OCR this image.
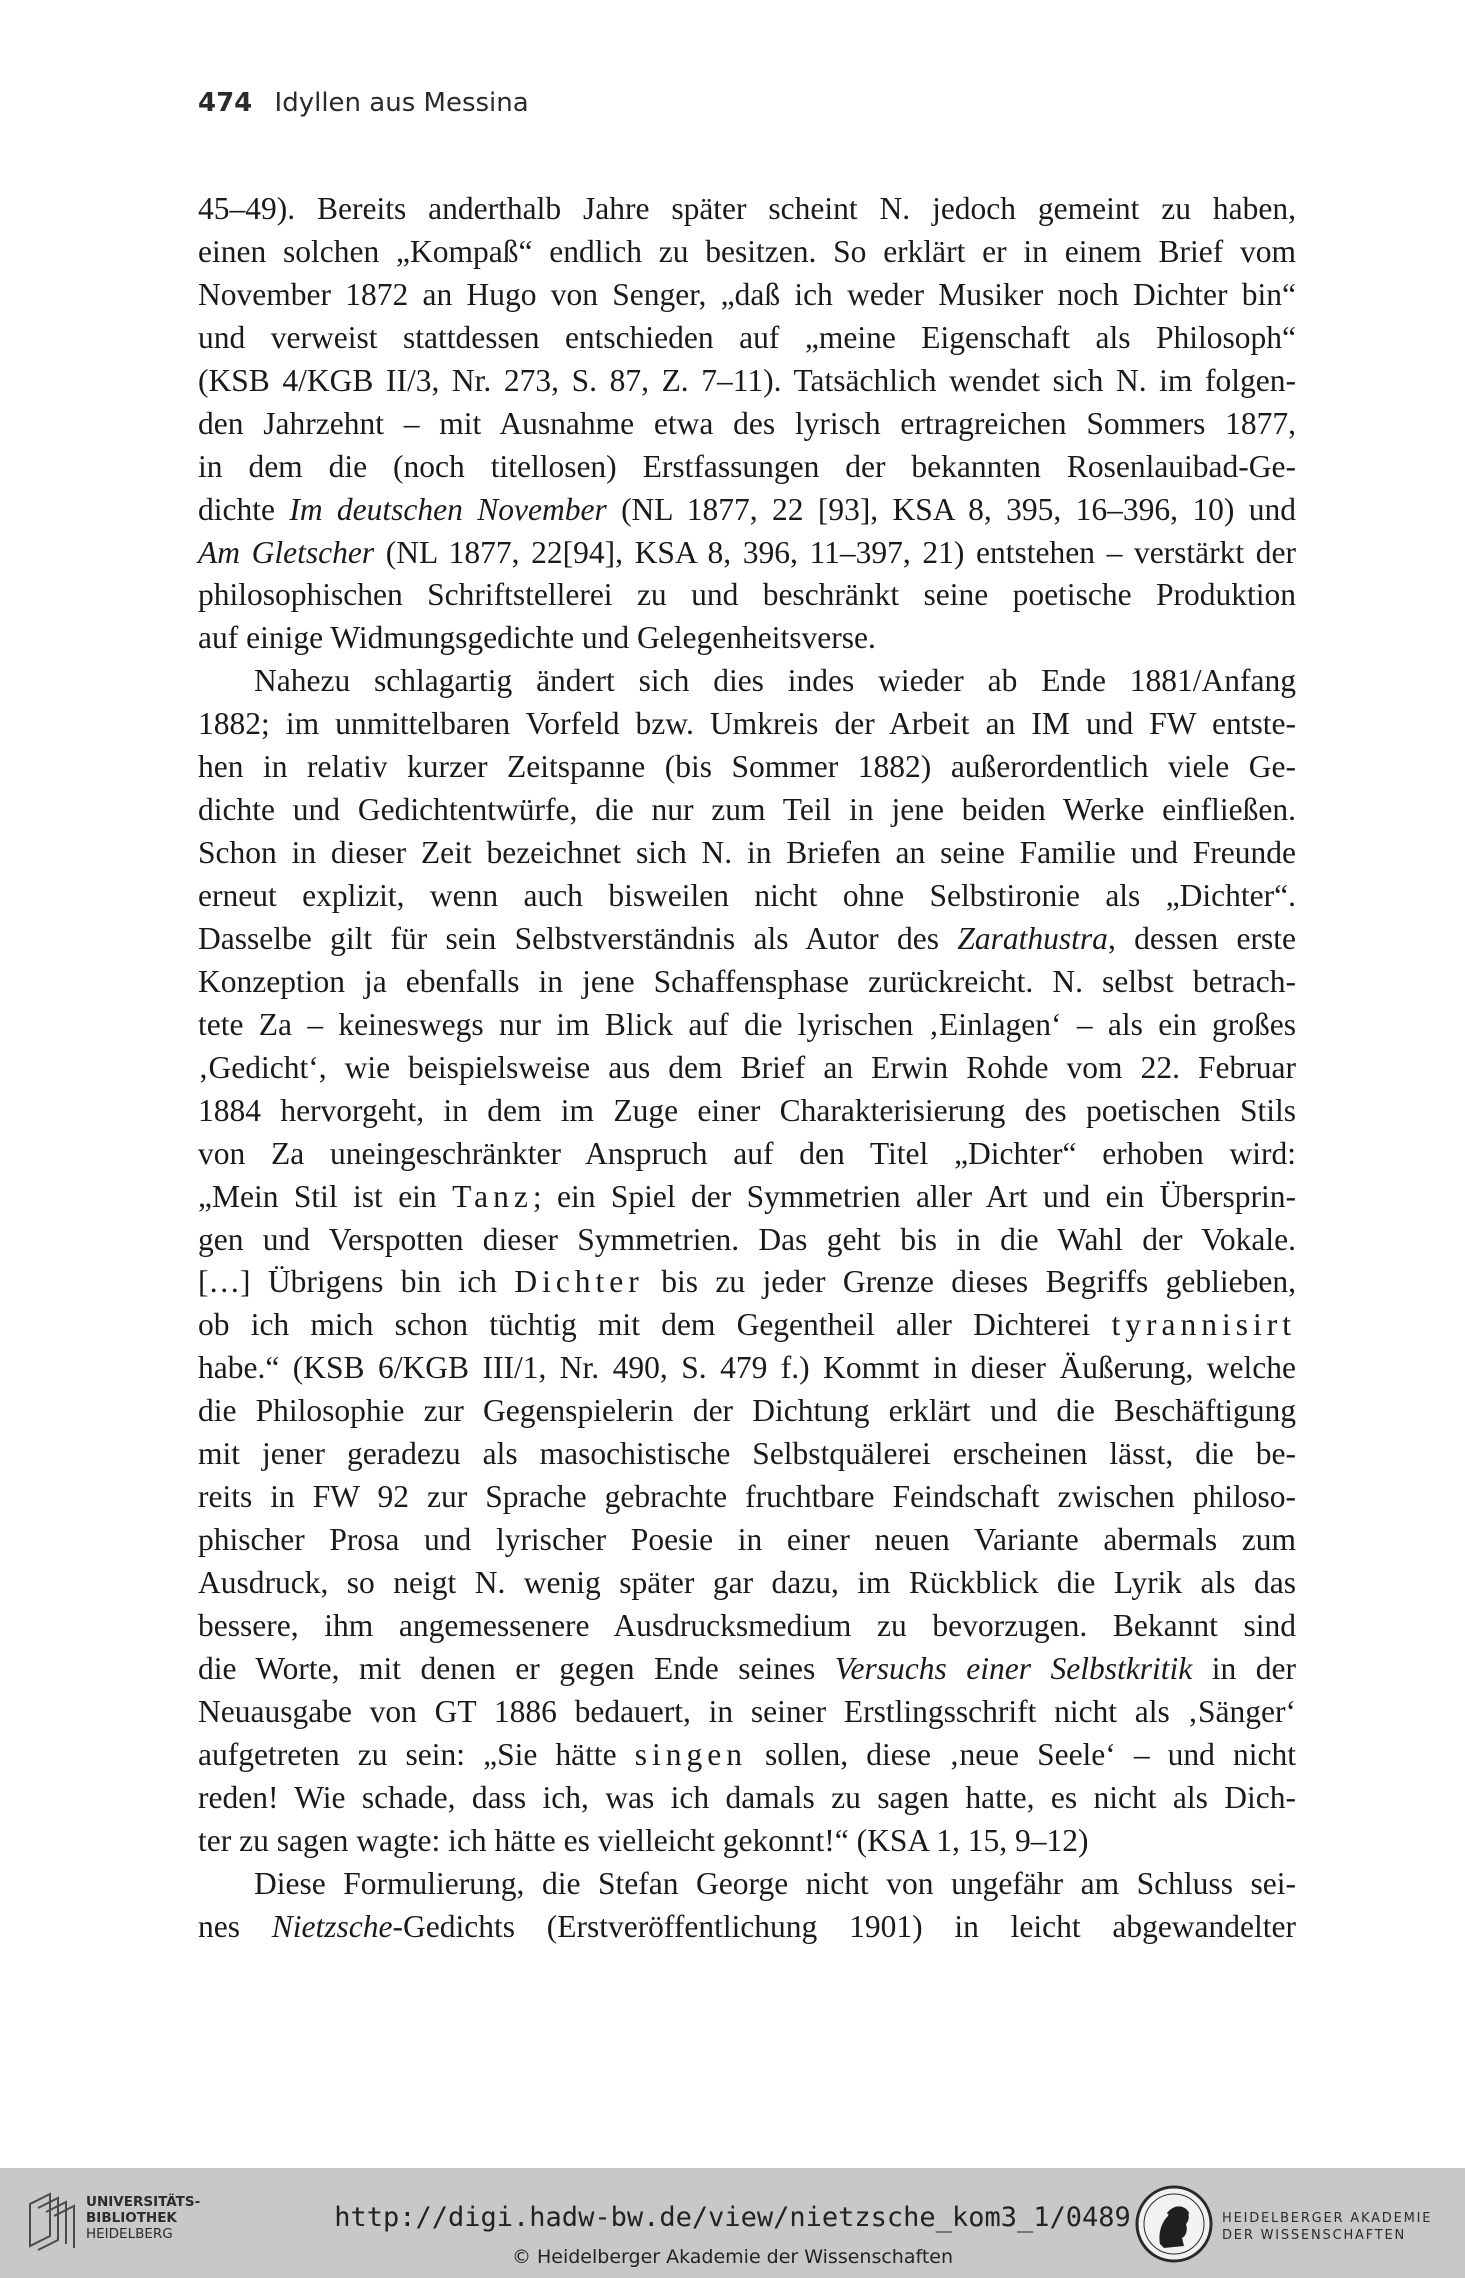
474 Idyllen aus Messina
45–49). Bereits anderthalb Jahre später scheint N. jedoch gemeint zu haben,
einen solchen „Kompaß“ endlich zu besitzen. So erklärt er in einem Brief vom
November 1872 an Hugo von Senger, „daß ich weder Musiker noch Dichter bin“
und verweist stattdessen entschieden auf „meine Eigenschaft als Philosoph“
(KSB 4/KGB II/3, Nr. 273, S. 87, Z. 7–11). Tatsächlich wendet sich N. im folgen-
den Jahrzehnt – mit Ausnahme etwa des lyrisch ertragreichen Sommers 1877,
in dem die (noch titellosen) Erstfassungen der bekannten Rosenlauibad-Ge-
dichte Im deutschen November (NL 1877, 22 [93], KSA 8, 395, 16–396, 10) und
Am Gletscher (NL 1877, 22[94], KSA 8, 396, 11–397, 21) entstehen – verstärkt der
philosophischen Schriftstellerei zu und beschränkt seine poetische Produktion
auf einige Widmungsgedichte und Gelegenheitsverse.
Nahezu schlagartig ändert sich dies indes wieder ab Ende 1881/Anfang
1882; im unmittelbaren Vorfeld bzw. Umkreis der Arbeit an IM und FW entste-
hen in relativ kurzer Zeitspanne (bis Sommer 1882) außerordentlich viele Ge-
dichte und Gedichtentwürfe, die nur zum Teil in jene beiden Werke einfließen.
Schon in dieser Zeit bezeichnet sich N. in Briefen an seine Familie und Freunde
erneut explizit, wenn auch bisweilen nicht ohne Selbstironie als „Dichter“.
Dasselbe gilt für sein Selbstverständnis als Autor des Zarathustra, dessen erste
Konzeption ja ebenfalls in jene Schaffensphase zurückreicht. N. selbst betrach-
tete Za – keineswegs nur im Blick auf die lyrischen ‚Einlagen‘ – als ein großes
‚Gedicht‘, wie beispielsweise aus dem Brief an Erwin Rohde vom 22. Februar
1884 hervorgeht, in dem im Zuge einer Charakterisierung des poetischen Stils
von Za uneingeschränkter Anspruch auf den Titel „Dichter“ erhoben wird:
„Mein Stil ist ein Tanz; ein Spiel der Symmetrien aller Art und ein Übersprin-
gen und Verspotten dieser Symmetrien. Das geht bis in die Wahl der Vokale.
[…] Übrigens bin ich Dichter bis zu jeder Grenze dieses Begriffs geblieben,
ob ich mich schon tüchtig mit dem Gegentheil aller Dichterei tyrannisirt
habe.“ (KSB 6/KGB III/1, Nr. 490, S. 479 f.) Kommt in dieser Äußerung, welche
die Philosophie zur Gegenspielerin der Dichtung erklärt und die Beschäftigung
mit jener geradezu als masochistische Selbstquälerei erscheinen lässt, die be-
reits in FW 92 zur Sprache gebrachte fruchtbare Feindschaft zwischen philoso-
phischer Prosa und lyrischer Poesie in einer neuen Variante abermals zum
Ausdruck, so neigt N. wenig später gar dazu, im Rückblick die Lyrik als das
bessere, ihm angemessenere Ausdrucksmedium zu bevorzugen. Bekannt sind
die Worte, mit denen er gegen Ende seines Versuchs einer Selbstkritik in der
Neuausgabe von GT 1886 bedauert, in seiner Erstlingsschrift nicht als ‚Sänger‘
aufgetreten zu sein: „Sie hätte singen sollen, diese ‚neue Seele‘ – und nicht
reden! Wie schade, dass ich, was ich damals zu sagen hatte, es nicht als Dich-
ter zu sagen wagte: ich hätte es vielleicht gekonnt!“ (KSA 1, 15, 9–12)
Diese Formulierung, die Stefan George nicht von ungefähr am Schluss sei-
nes Nietzsche-Gedichts (Erstveröffentlichung 1901) in leicht abgewandelter
UNIVERSITÄTS-
BIBLIOTHEK
HEIDELBERG
http://digi.hadw-bw.de/view/nietzsche_kom3_1/0489
© Heidelberger Akademie der Wissenschaften
HEIDELBERGER AKADEMIE
DER WISSENSCHAFTEN
